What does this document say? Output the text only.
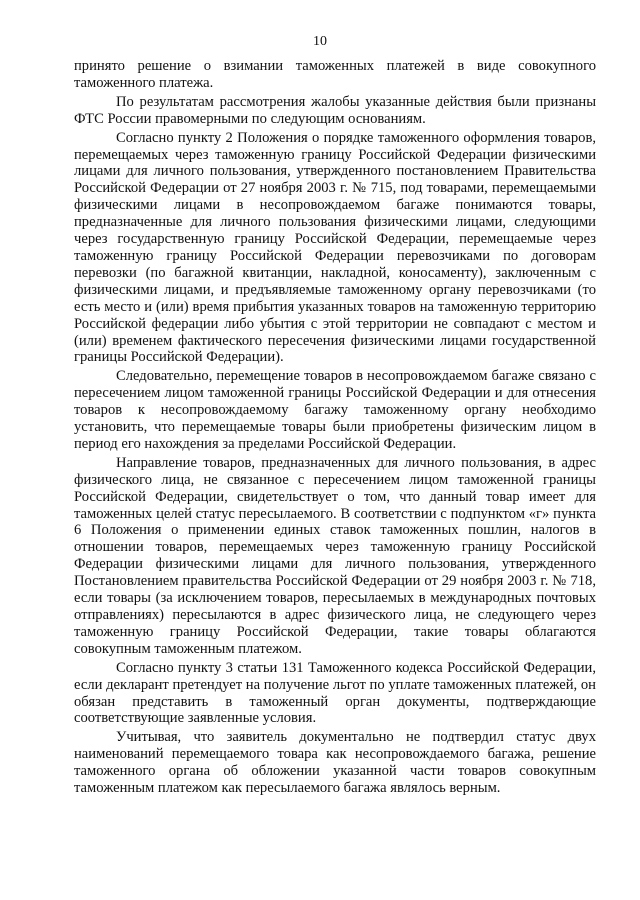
10

принято решение о взимании таможенных платежей в виде совокупного таможенного платежа.

По результатам рассмотрения жалобы указанные действия были признаны ФТС России правомерными по следующим основаниям.

Согласно пункту 2 Положения о порядке таможенного оформления товаров, перемещаемых через таможенную границу Российской Федерации физическими лицами для личного пользования, утвержденного постановлением Правительства Российской Федерации от 27 ноября 2003 г. № 715, под товарами, перемещаемыми физическими лицами в несопровождаемом багаже понимаются товары, предназначенные для личного пользования физическими лицами, следующими через государственную границу Российской Федерации, перемещаемые через таможенную границу Российской Федерации перевозчиками по договорам перевозки (по багажной квитанции, накладной, коносаменту), заключенным с физическими лицами, и предъявляемые таможенному органу перевозчиками (то есть место и (или) время прибытия указанных товаров на таможенную территорию Российской федерации либо убытия с этой территории не совпадают с местом и (или) временем фактического пересечения физическими лицами государственной границы Российской Федерации).

Следовательно, перемещение товаров в несопровождаемом багаже связано с пересечением лицом таможенной границы Российской Федерации и для отнесения товаров к несопровождаемому багажу таможенному органу необходимо установить, что перемещаемые товары были приобретены физическим лицом в период его нахождения за пределами Российской Федерации.

Направление товаров, предназначенных для личного пользования, в адрес физического лица, не связанное с пересечением лицом таможенной границы Российской Федерации, свидетельствует о том, что данный товар имеет для таможенных целей статус пересылаемого. В соответствии с подпунктом «г» пункта 6 Положения о применении единых ставок таможенных пошлин, налогов в отношении товаров, перемещаемых через таможенную границу Российской Федерации физическими лицами для личного пользования, утвержденного Постановлением правительства Российской Федерации от 29 ноября 2003 г. № 718, если товары (за исключением товаров, пересылаемых в международных почтовых отправлениях) пересылаются в адрес физического лица, не следующего через таможенную границу Российской Федерации, такие товары облагаются совокупным таможенным платежом.

Согласно пункту 3 статьи 131 Таможенного кодекса Российской Федерации, если декларант претендует на получение льгот по уплате таможенных платежей, он обязан представить в таможенный орган документы, подтверждающие соответствующие заявленные условия.

Учитывая, что заявитель документально не подтвердил статус двух наименований перемещаемого товара как несопровождаемого багажа, решение таможенного органа об обложении указанной части товаров совокупным таможенным платежом как пересылаемого багажа являлось верным.
